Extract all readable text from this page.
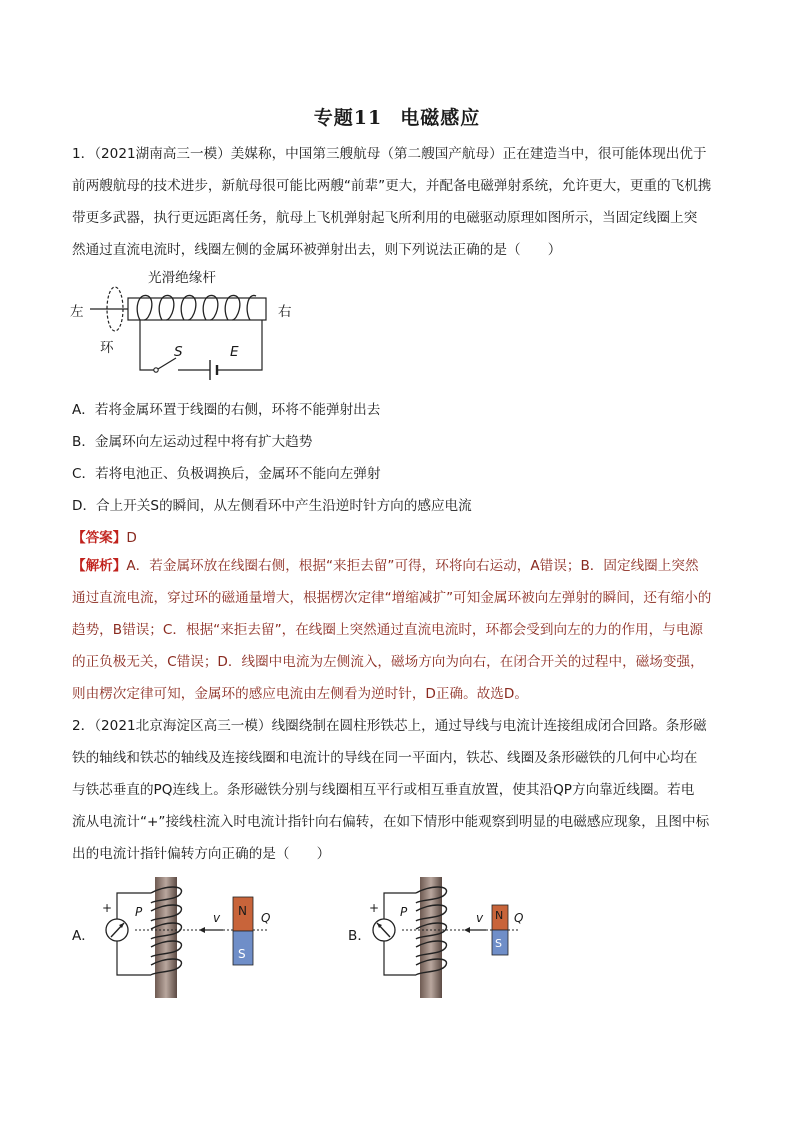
专题11 电磁感应
1．（2021湖南高三一模）美媒称，中国第三艘航母（第二艘国产航母）正在建造当中，很可能体现出优于
前两艘航母的技术进步，新航母很可能比两艘“前辈”更大，并配备电磁弹射系统，允许更大，更重的飞机携
带更多武器，执行更远距离任务，航母上飞机弹射起飞所利用的电磁驱动原理如图所示，当固定线圈上突
然通过直流电流时，线圈左侧的金属环被弹射出去，则下列说法正确的是（　　）
光滑绝缘杆
左	右
环	S	E
A．若将金属环置于线圈的右侧，环将不能弹射出去
B．金属环向左运动过程中将有扩大趋势
C．若将电池正、负极调换后，金属环不能向左弹射
D．合上开关S的瞬间，从左侧看环中产生沿逆时针方向的感应电流
【答案】D
【解析】A．若金属环放在线圈右侧，根据“来拒去留”可得，环将向右运动，A错误；B．固定线圈上突然
通过直流电流，穿过环的磁通量增大，根据楞次定律“增缩减扩”可知金属环被向左弹射的瞬间，还有缩小的
趋势，B错误；C．根据“来拒去留”，在线圈上突然通过直流电流时，环都会受到向左的力的作用，与电源
的正负极无关，C错误；D．线圈中电流为左侧流入，磁场方向为向右，在闭合开关的过程中，磁场变强，
则由楞次定律可知，金属环的感应电流由左侧看为逆时针，D正确。故选D。
2．（2021北京海淀区高三一模）线圈绕制在圆柱形铁芯上，通过导线与电流计连接组成闭合回路。条形磁
铁的轴线和铁芯的轴线及连接线圈和电流计的导线在同一平面内，铁芯、线圈及条形磁铁的几何中心均在
与铁芯垂直的PQ连线上。条形磁铁分别与线圈相互平行或相互垂直放置，使其沿QP方向靠近线圈。若电
流从电流计“+”接线柱流入时电流计指针向右偏转，在如下情形中能观察到明显的电磁感应现象，且图中标
出的电流计指针偏转方向正确的是（　　）
A．
+ P	Q
v N
S
B．
+ P	Q
v N
S
